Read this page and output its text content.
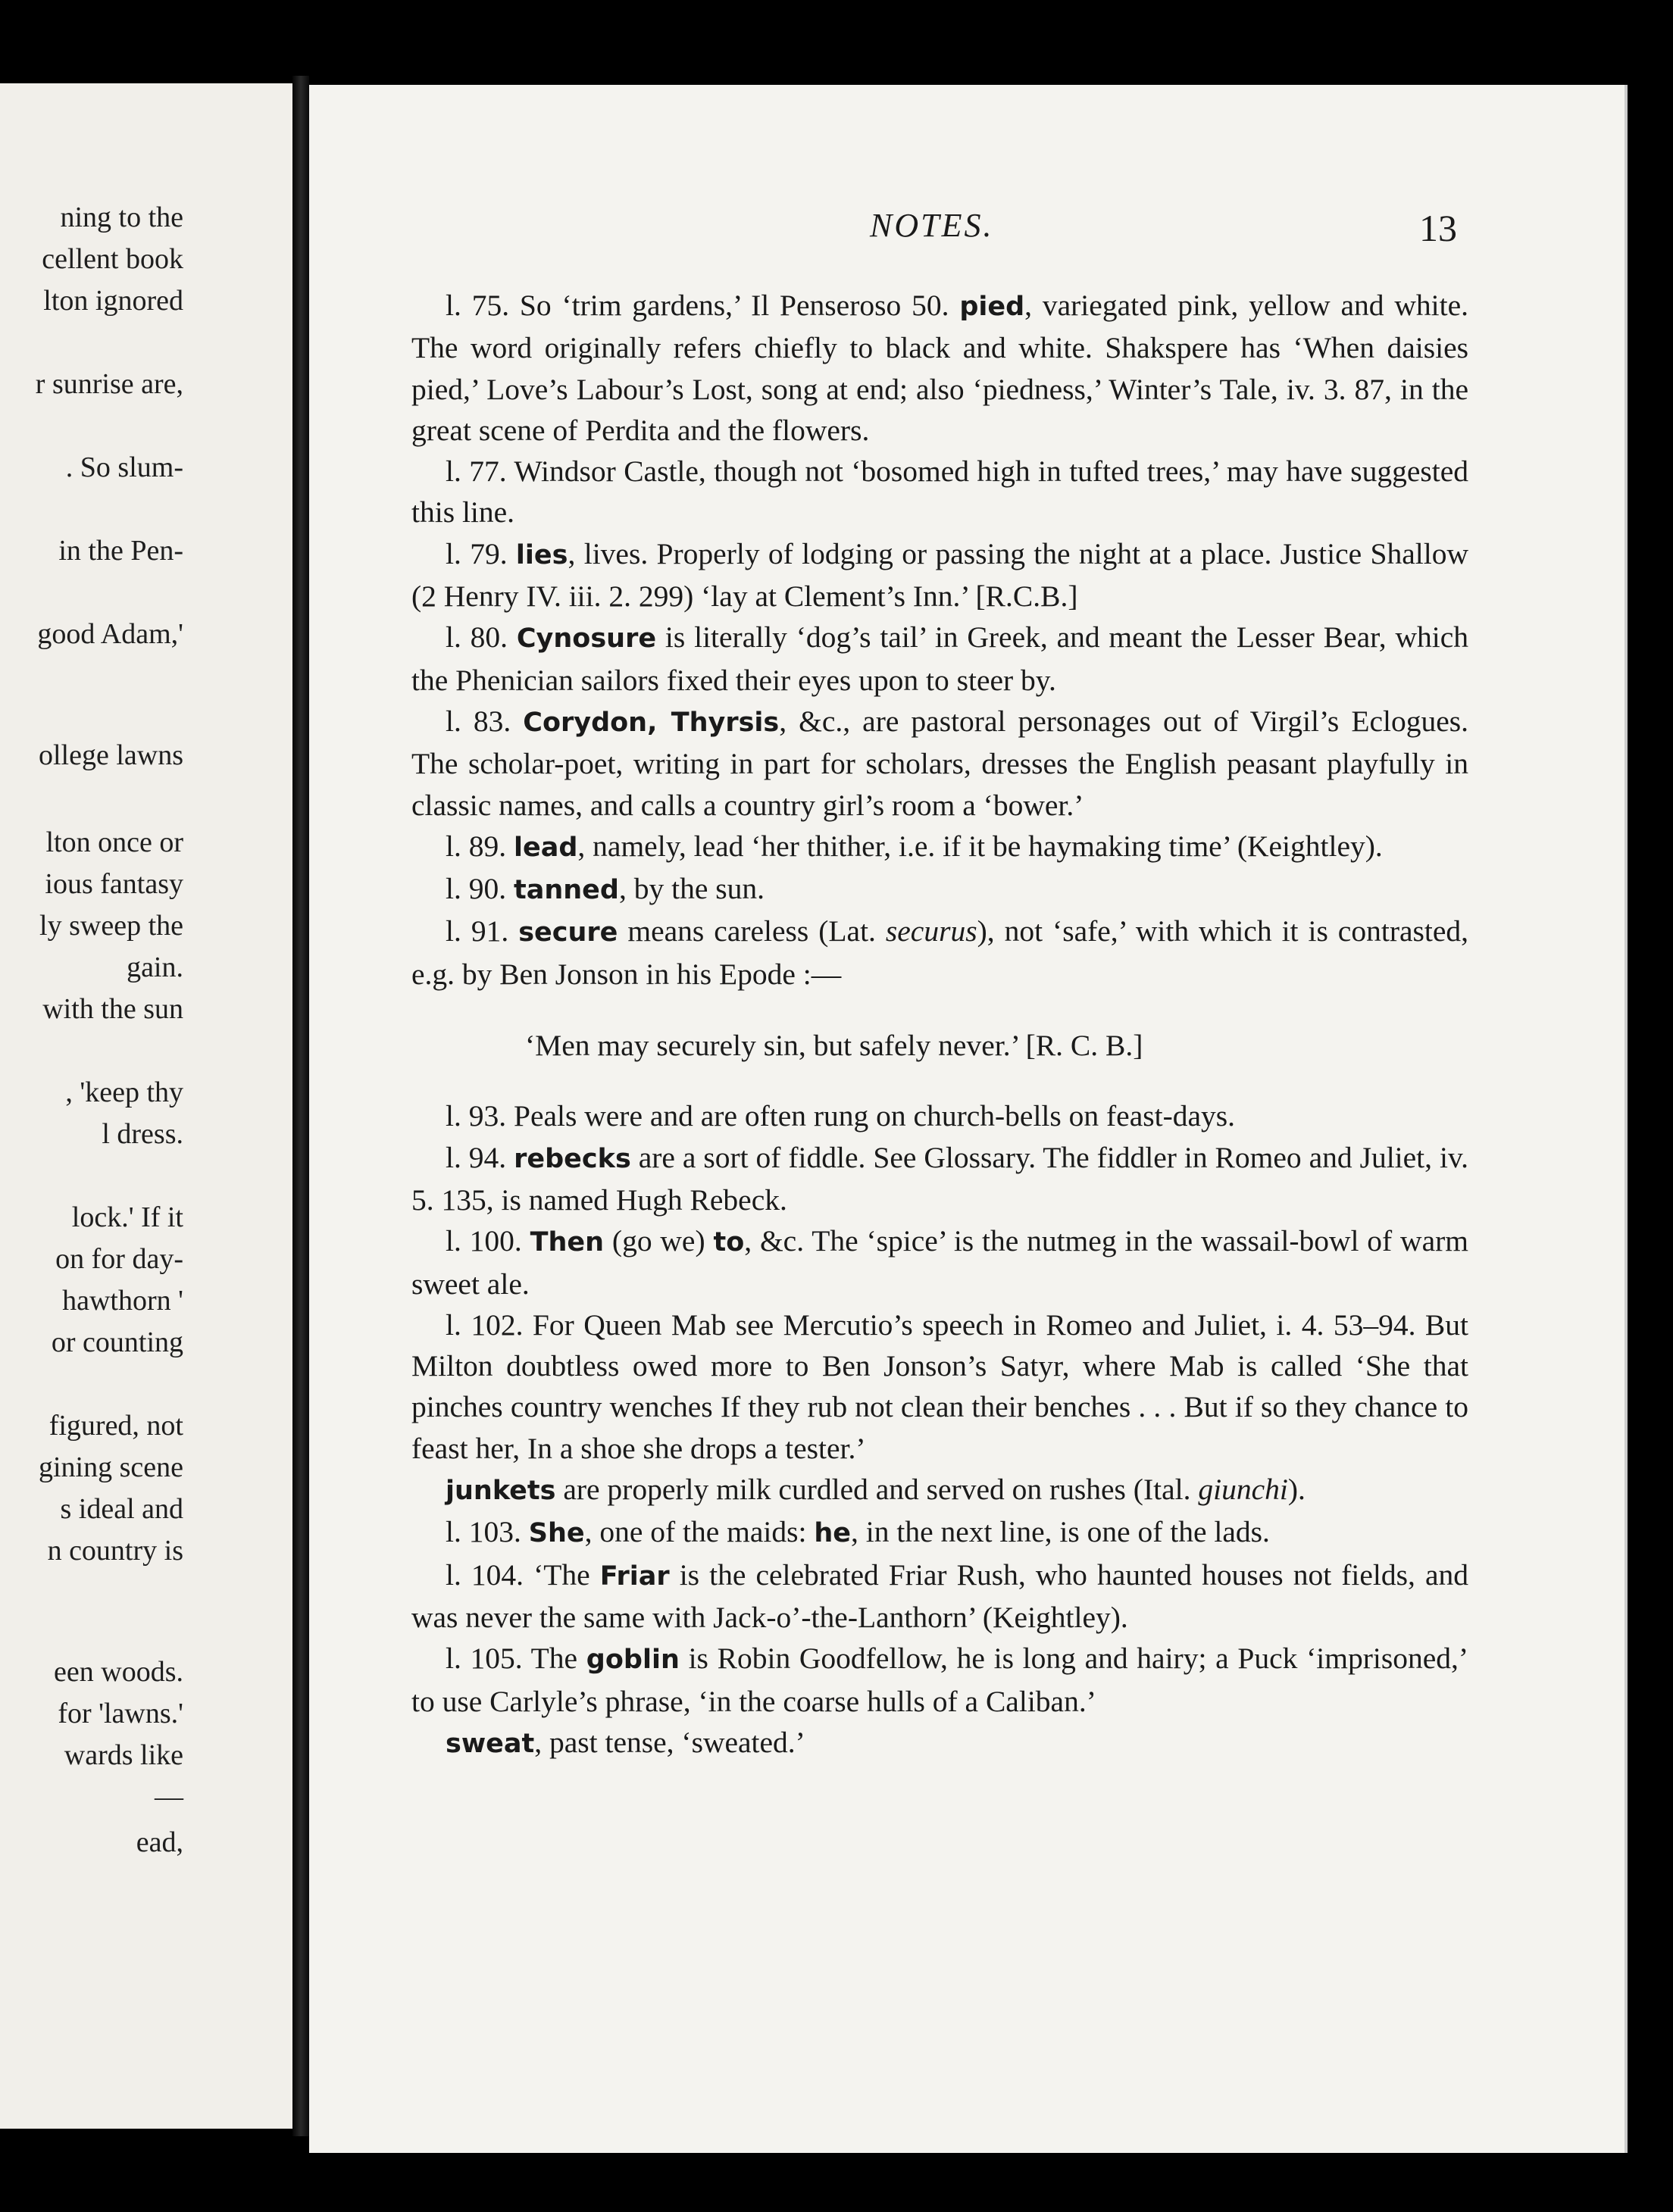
ning to the
cellent book
lton ignored
r sunrise are,
. So slum-
in the Pen-
good Adam,'
ollege lawns
lton once or
ious fantasy
ly sweep the
gain.
with the sun
, 'keep thy
l dress.
lock.' If it
on for day-
hawthorn '
or counting
figured, not
gining scene
s ideal and
n country is
een woods.
for 'lawns.'
wards like
—
ead,
NOTES.	13

l. 75. So ‘trim gardens,’ Il Penseroso 50. pied, variegated pink, yellow and white. The word originally refers chiefly to black and white. Shakspere has ‘When daisies pied,’ Love’s Labour’s Lost, song at end; also ‘piedness,’ Winter’s Tale, iv. 3. 87, in the great scene of Perdita and the flowers.

l. 77. Windsor Castle, though not ‘bosomed high in tufted trees,’ may have suggested this line.

l. 79. lies, lives. Properly of lodging or passing the night at a place. Justice Shallow (2 Henry IV. iii. 2. 299) ‘lay at Clement’s Inn.’ [R.C.B.]

l. 80. Cynosure is literally ‘dog’s tail’ in Greek, and meant the Lesser Bear, which the Phenician sailors fixed their eyes upon to steer by.

l. 83. Corydon, Thyrsis, &c., are pastoral personages out of Virgil’s Eclogues. The scholar-poet, writing in part for scholars, dresses the English peasant playfully in classic names, and calls a country girl’s room a ‘bower.’

l. 89. lead, namely, lead ‘her thither, i.e. if it be haymaking time’ (Keightley).

l. 90. tanned, by the sun.

l. 91. secure means careless (Lat. securus), not ‘safe,’ with which it is contrasted, e.g. by Ben Jonson in his Epode :—

‘Men may securely sin, but safely never.’ [R. C. B.]

l. 93. Peals were and are often rung on church-bells on feast-days.

l. 94. rebecks are a sort of fiddle. See Glossary. The fiddler in Romeo and Juliet, iv. 5. 135, is named Hugh Rebeck.

l. 100. Then (go we) to, &c. The ‘spice’ is the nutmeg in the wassail-bowl of warm sweet ale.

l. 102. For Queen Mab see Mercutio’s speech in Romeo and Juliet, i. 4. 53–94. But Milton doubtless owed more to Ben Jonson’s Satyr, where Mab is called ‘She that pinches country wenches If they rub not clean their benches . . . But if so they chance to feast her, In a shoe she drops a tester.’

junkets are properly milk curdled and served on rushes (Ital. giunchi).

l. 103. She, one of the maids: he, in the next line, is one of the lads.

l. 104. ‘The Friar is the celebrated Friar Rush, who haunted houses not fields, and was never the same with Jack-o’-the-Lanthorn’ (Keightley).

l. 105. The goblin is Robin Goodfellow, he is long and hairy; a Puck ‘imprisoned,’ to use Carlyle’s phrase, ‘in the coarse hulls of a Caliban.’

sweat, past tense, ‘sweated.’
